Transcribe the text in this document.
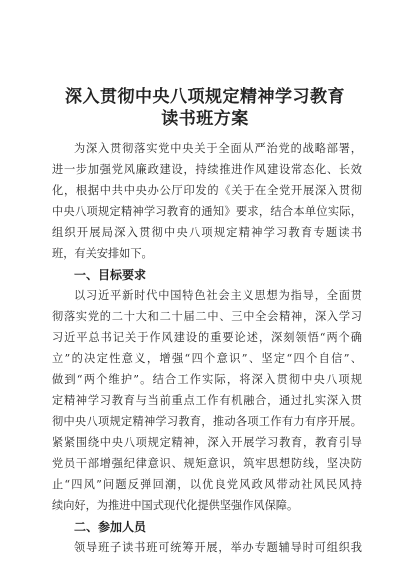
深入贯彻中央八项规定精神学习教育
读书班方案
为深入贯彻落实党中央关于全面从严治党的战略部署，
进一步加强党风廉政建设，持续推进作风建设常态化、长效
化，根据中共中央办公厅印发的《关于在全党开展深入贯彻
中央八项规定精神学习教育的通知》要求，结合本单位实际，
组织开展局深入贯彻中央八项规定精神学习教育专题读书
班，有关安排如下。
一、目标要求
以习近平新时代中国特色社会主义思想为指导，全面贯
彻落实党的二十大和二十届二中、三中全会精神，深入学习
习近平总书记关于作风建设的重要论述，深刻领悟“两个确
立”的决定性意义，增强“四个意识”、坚定“四个自信”、
做到“两个维护”。结合工作实际，将深入贯彻中央八项规
定精神学习教育与当前重点工作有机融合，通过扎实深入贯
彻中央八项规定精神学习教育，推动各项工作有力有序开展。
紧紧围绕中央八项规定精神，深入开展学习教育，教育引导
党员干部增强纪律意识、规矩意识，筑牢思想防线，坚决防
止“四风”问题反弹回潮，以优良党风政风带动社风民风持
续向好，为推进中国式现代化提供坚强作风保障。
二、参加人员
领导班子读书班可统筹开展，举办专题辅导时可组织我
